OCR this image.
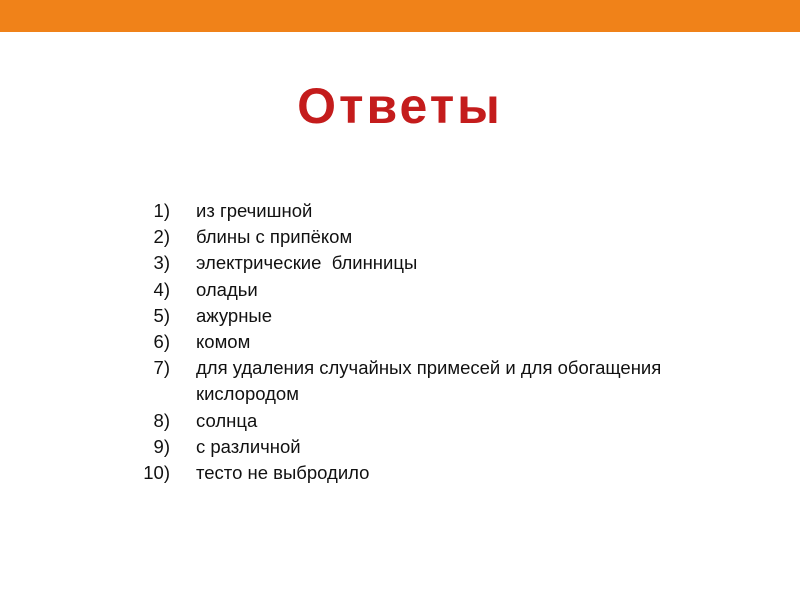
Ответы
1) из гречишной
2) блины с припёком
3) электрические  блинницы
4) оладьи
5) ажурные
6) комом
7) для удаления случайных примесей и для обогащения кислородом
8) солнца
9) с различной
10) тесто не выбродило
